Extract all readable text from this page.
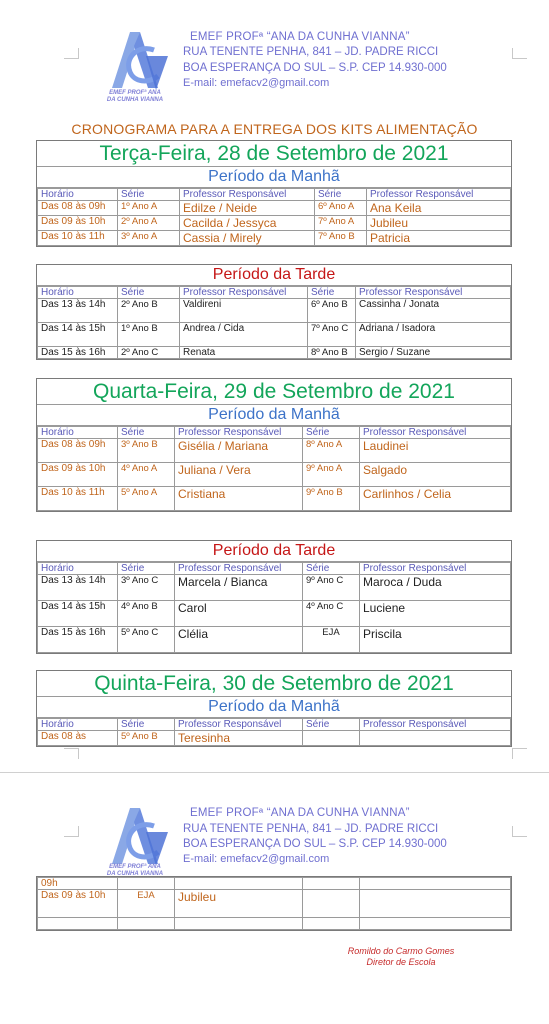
EMEF PROFª ANA
DA CUNHA VIANNA
EMEF PROFª “ANA DA CUNHA VIANNA”
RUA TENENTE PENHA, 841 – JD. PADRE RICCI
BOA ESPERANÇA DO SUL – S.P. CEP 14.930-000
E-mail: emefacv2@gmail.com
CRONOGRAMA PARA A ENTREGA DOS KITS ALIMENTAÇÃO
Terça-Feira, 28 de Setembro de 2021
Período da Manhã
Horário	Série	Professor Responsável	Série	Professor Responsável
Das 08 às 09h	1º Ano A	Edilze / Neide	6º Ano A	Ana Keila
Das 09 às 10h	2º Ano A	Cacilda / Jessyca	7º Ano A	Jubileu
Das 10 às 11h	3º Ano A	Cassia / Mirely	7º Ano B	Patricia
Período da Tarde
Horário	Série	Professor Responsável	Série	Professor Responsável
Das 13 às 14h	2º Ano B	Valdireni	6º Ano B	Cassinha / Jonata
Das 14 às 15h	1º Ano B	Andrea / Cida	7º Ano C	Adriana / Isadora
Das 15 às 16h	2º Ano C	Renata	8º Ano B	Sergio / Suzane
Quarta-Feira, 29 de Setembro de 2021
Período da Manhã
Horário	Série	Professor Responsável	Série	Professor Responsável
Das 08 às 09h	3º Ano B	Gisélia / Mariana	8º Ano A	Laudinei
Das 09 às 10h	4º Ano A	Juliana / Vera	9º Ano A	Salgado
Das 10 às 11h	5º Ano A	Cristiana	9º Ano B	Carlinhos / Celia
Período da Tarde
Horário	Série	Professor Responsável	Série	Professor Responsável
Das 13 às 14h	3º Ano C	Marcela / Bianca	9º Ano C	Maroca / Duda
Das 14 às 15h	4º Ano B	Carol	4º Ano C	Luciene
Das 15 às 16h	5º Ano C	Clélia	EJA	Priscila
Quinta-Feira, 30 de Setembro de 2021
Período da Manhã
Horário	Série	Professor Responsável	Série	Professor Responsável
Das 08 às	5º Ano B	Teresinha		
EMEF PROFª ANA
DA CUNHA VIANNA
EMEF PROFª “ANA DA CUNHA VIANNA”
RUA TENENTE PENHA, 841 – JD. PADRE RICCI
BOA ESPERANÇA DO SUL – S.P. CEP 14.930-000
E-mail: emefacv2@gmail.com
09h				
Das 09 às 10h	EJA	Jubileu		

Romildo do Carmo Gomes
Diretor de Escola
